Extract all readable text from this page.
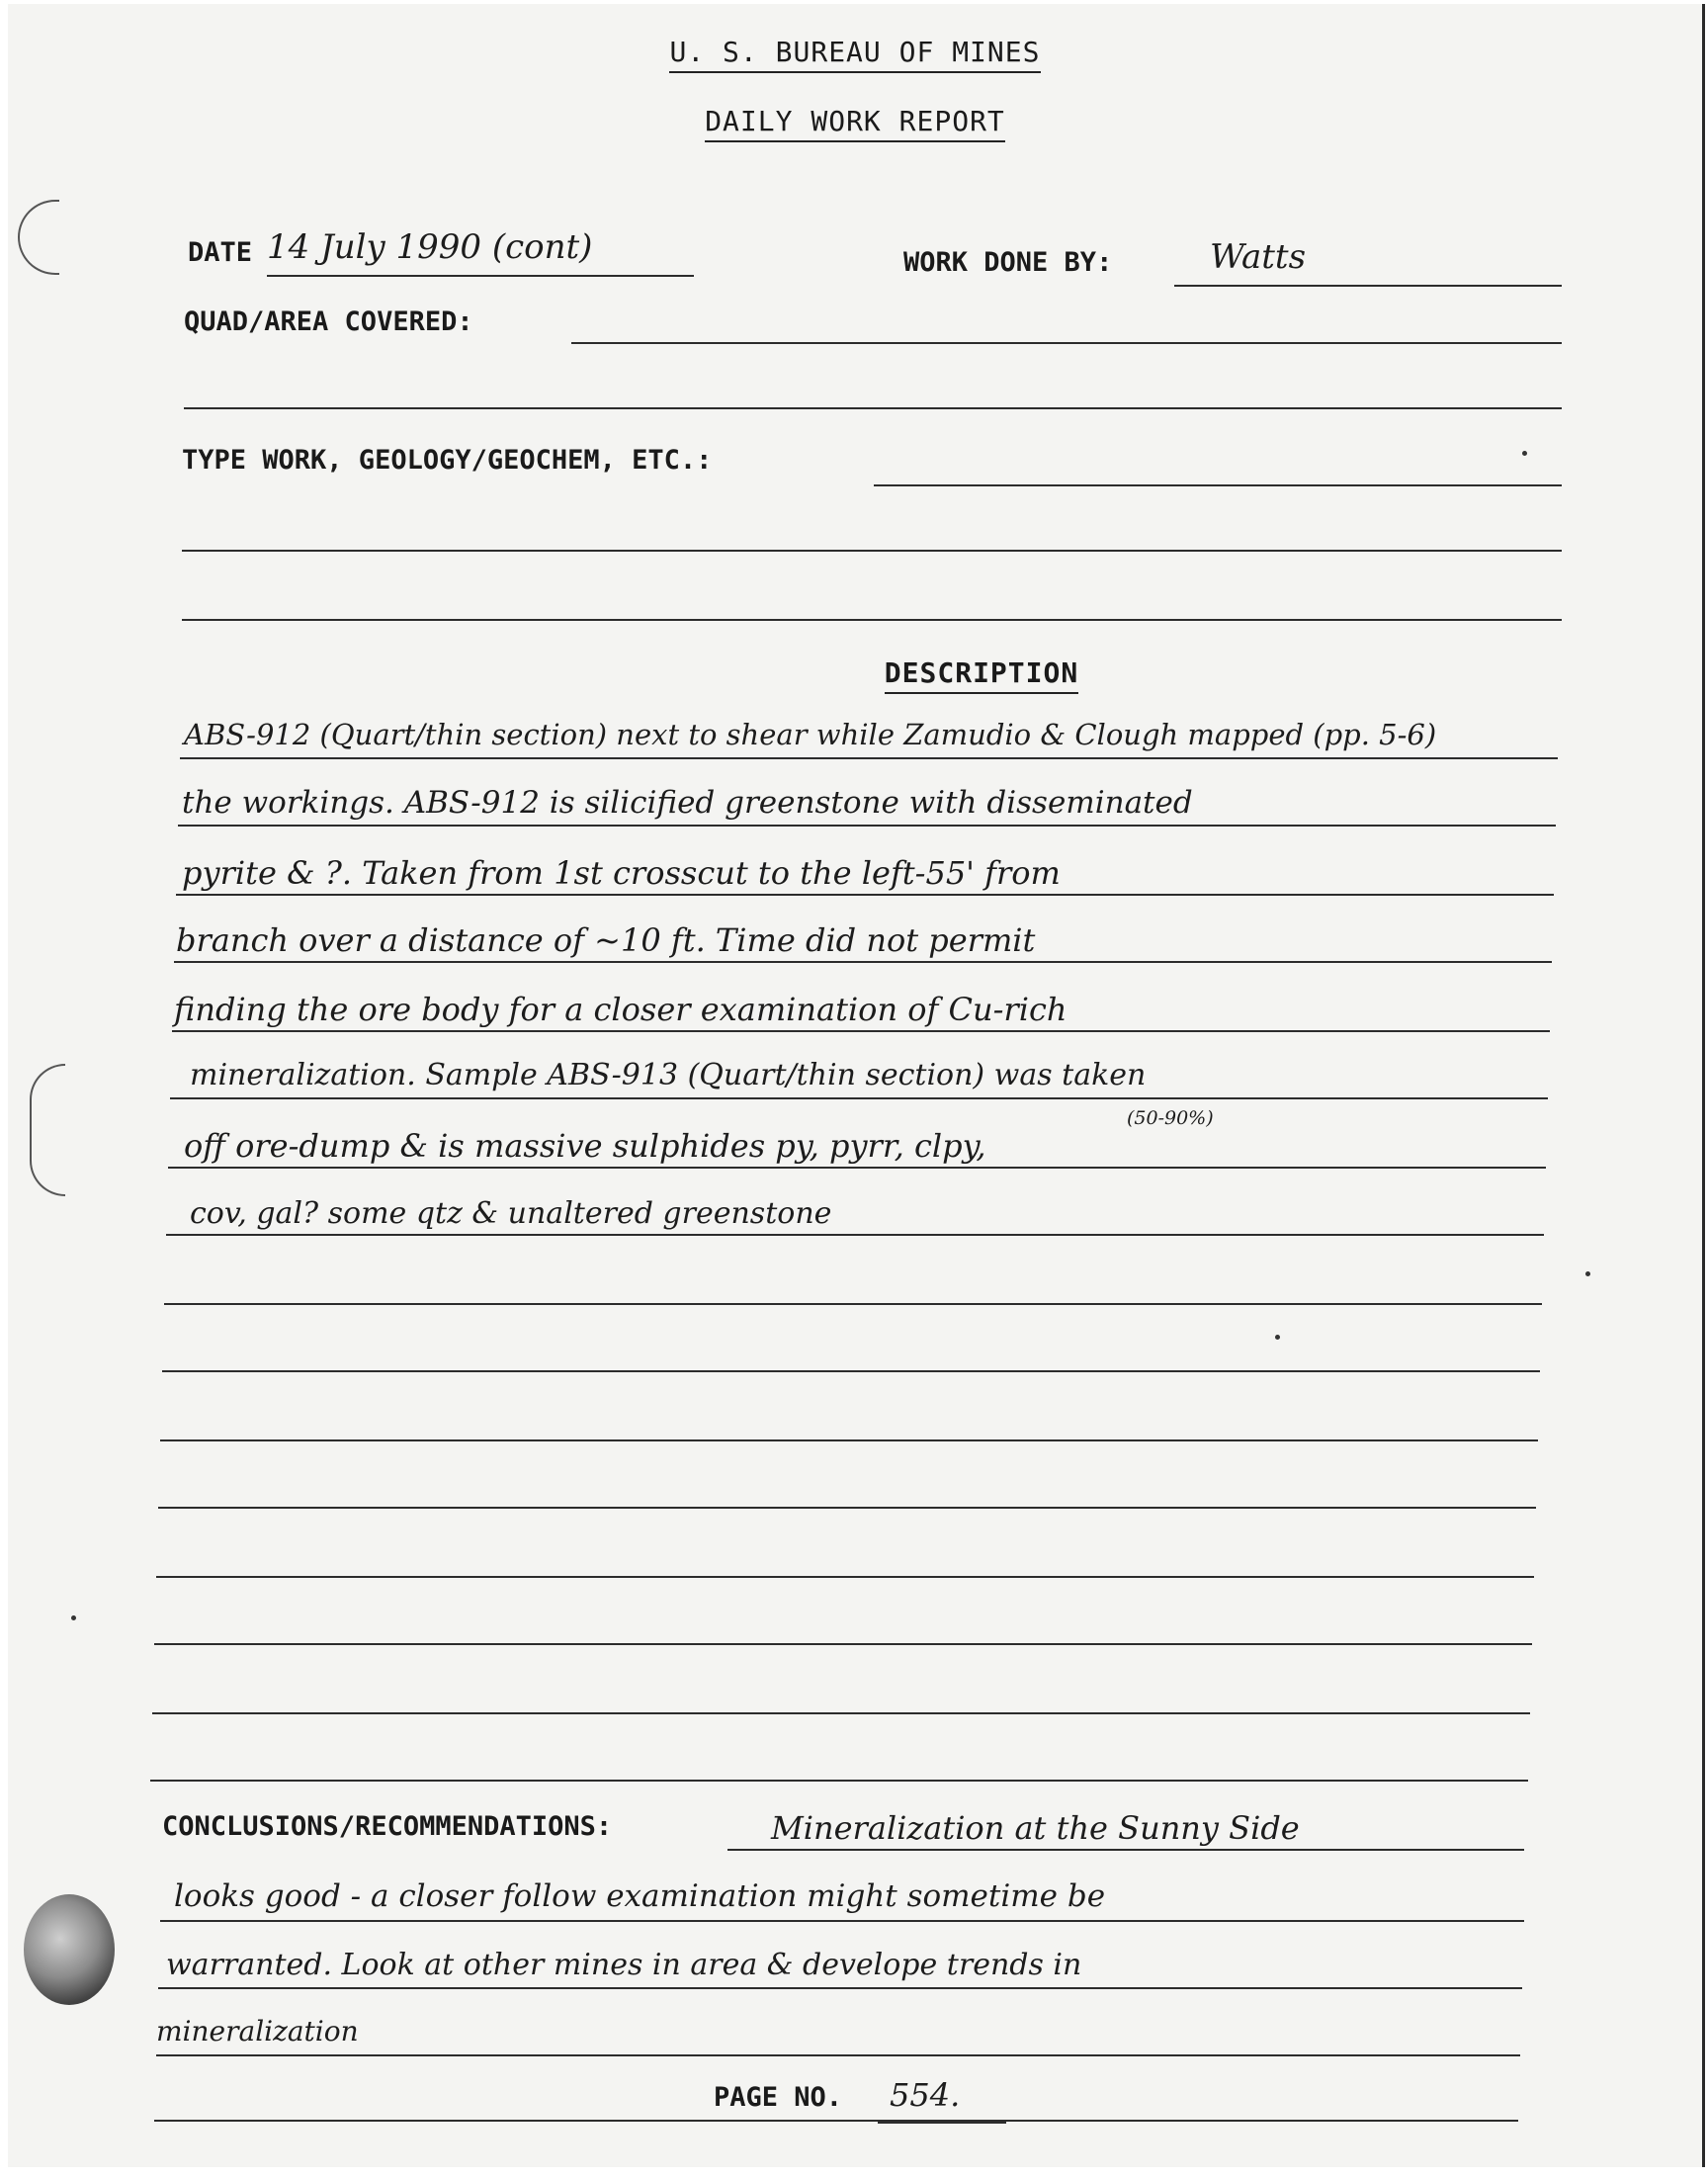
U. S. BUREAU OF MINES
DAILY WORK REPORT
DATE 14 July 1990 (cont)	WORK DONE BY:	Watts
QUAD/AREA COVERED:
TYPE WORK, GEOLOGY/GEOCHEM, ETC.:
DESCRIPTION
ABS-912 (Quart/thin section) next to shear while Zamudio & Clough mapped (pp. 5-6)
the workings. ABS-912 is silicified greenstone with disseminated
pyrite & ?. Taken from 1st crosscut to the left-55' from
branch over a distance of ~10 ft. Time did not permit
finding the ore body for a closer examination of Cu-rich
mineralization. Sample ABS-913 (Quart/thin section) was taken
(50-90%)
off ore-dump & is massive sulphides py, pyrr, clpy,
cov, gal? some qtz & unaltered greenstone
CONCLUSIONS/RECOMMENDATIONS:	Mineralization at the Sunny Side
looks good - a closer follow examination might sometime be
warranted. Look at other mines in area & develope trends in
mineralization
PAGE NO. 554.
